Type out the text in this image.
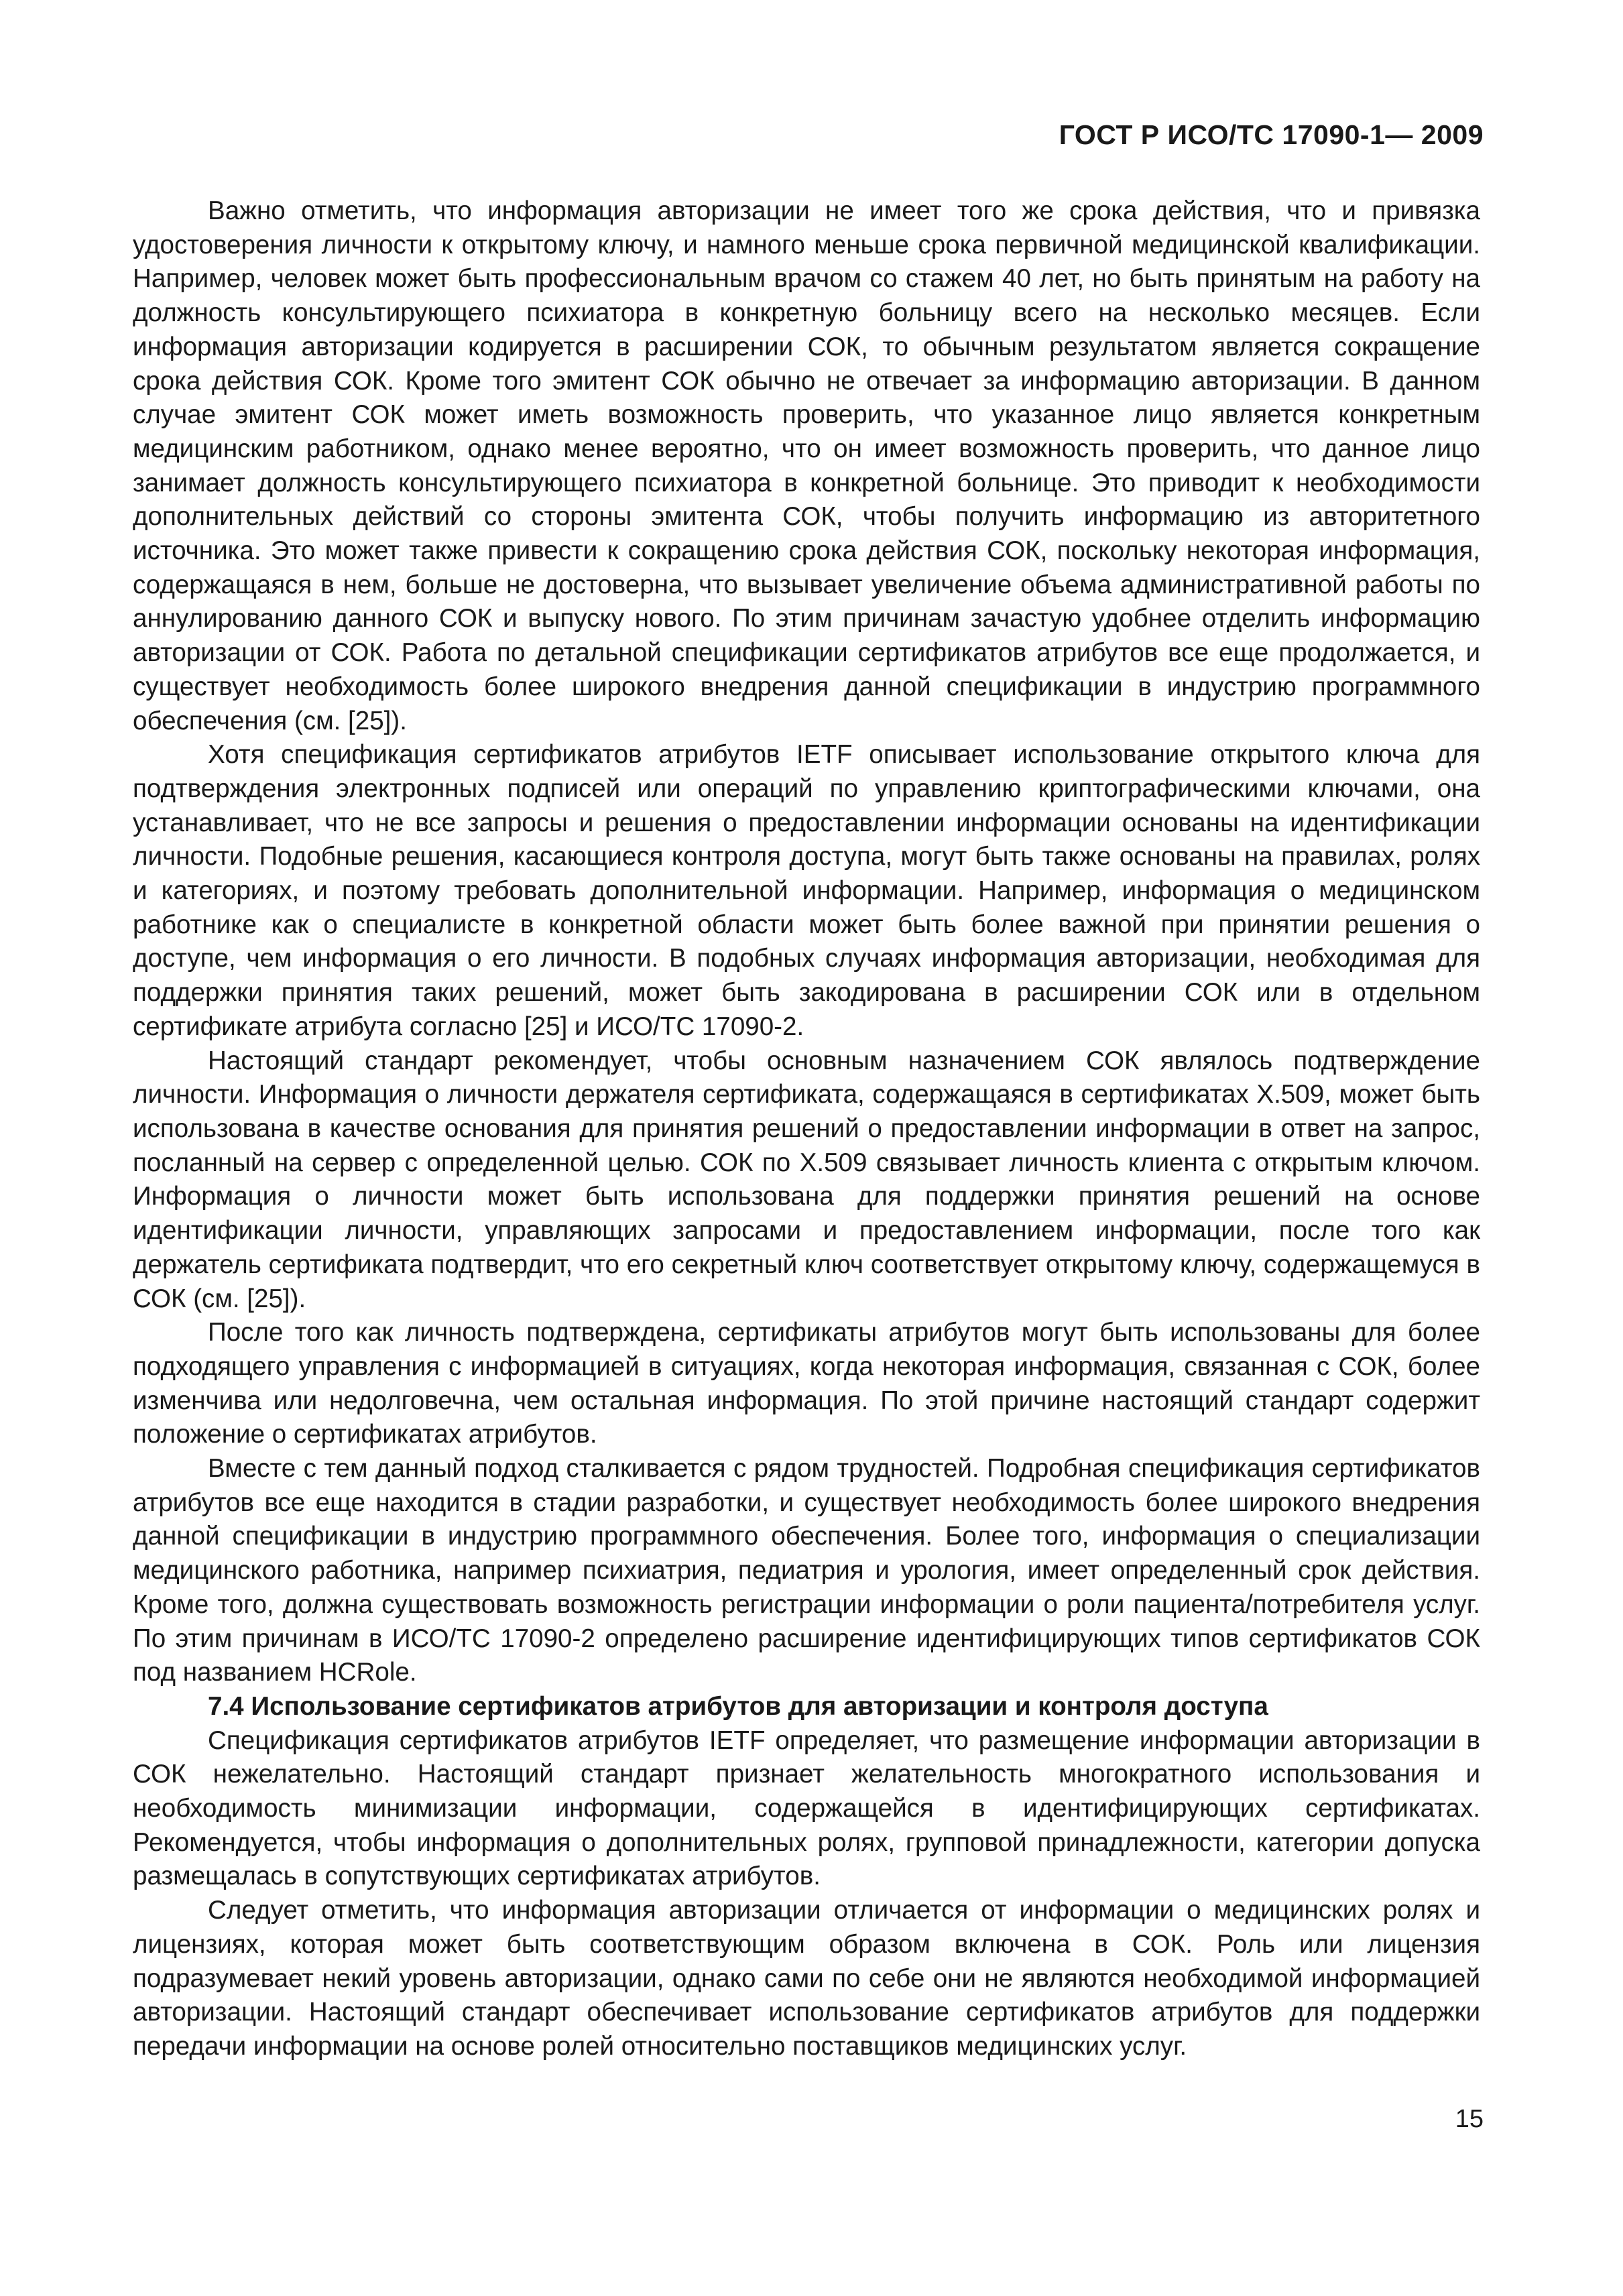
ГОСТ Р ИСО/ТС 17090-1— 2009

Важно отметить, что информация авторизации не имеет того же срока действия, что и привязка удостоверения личности к открытому ключу, и намного меньше срока первичной медицинской квалификации. Например, человек может быть профессиональным врачом со стажем 40 лет, но быть принятым на работу на должность консультирующего психиатора в конкретную больницу всего на несколько месяцев. Если информация авторизации кодируется в расширении СОК, то обычным результатом является сокращение срока действия СОК. Кроме того эмитент СОК обычно не отвечает за информацию авторизации. В данном случае эмитент СОК может иметь возможность проверить, что указанное лицо является конкретным медицинским работником, однако менее вероятно, что он имеет возможность проверить, что данное лицо занимает должность консультирующего психиатора в конкретной больнице. Это приводит к необходимости дополнительных действий со стороны эмитента СОК, чтобы получить информацию из авторитетного источника. Это может также привести к сокращению срока действия СОК, поскольку некоторая информация, содержащаяся в нем, больше не достоверна, что вызывает увеличение объема административной работы по аннулированию данного СОК и выпуску нового. По этим причинам зачастую удобнее отделить информацию авторизации от СОК. Работа по детальной спецификации сертификатов атрибутов все еще продолжается, и существует необходимость более широкого внедрения данной спецификации в индустрию программного обеспечения (см. [25]).

Хотя спецификация сертификатов атрибутов IETF описывает использование открытого ключа для подтверждения электронных подписей или операций по управлению криптографическими ключами, она устанавливает, что не все запросы и решения о предоставлении информации основаны на идентификации личности. Подобные решения, касающиеся контроля доступа, могут быть также основаны на правилах, ролях и категориях, и поэтому требовать дополнительной информации. Например, информация о медицинском работнике как о специалисте в конкретной области может быть более важной при принятии решения о доступе, чем информация о его личности. В подобных случаях информация авторизации, необходимая для поддержки принятия таких решений, может быть закодирована в расширении СОК или в отдельном сертификате атрибута согласно [25] и ИСО/ТС 17090-2.

Настоящий стандарт рекомендует, чтобы основным назначением СОК являлось подтверждение личности. Информация о личности держателя сертификата, содержащаяся в сертификатах X.509, может быть использована в качестве основания для принятия решений о предоставлении информации в ответ на запрос, посланный на сервер с определенной целью. СОК по X.509 связывает личность клиента с открытым ключом. Информация о личности может быть использована для поддержки принятия решений на основе идентификации личности, управляющих запросами и предоставлением информации, после того как держатель сертификата подтвердит, что его секретный ключ соответствует открытому ключу, содержащемуся в СОК (см. [25]).

После того как личность подтверждена, сертификаты атрибутов могут быть использованы для более подходящего управления с информацией в ситуациях, когда некоторая информация, связанная с СОК, более изменчива или недолговечна, чем остальная информация. По этой причине настоящий стандарт содержит положение о сертификатах атрибутов.

Вместе с тем данный подход сталкивается с рядом трудностей. Подробная спецификация сертификатов атрибутов все еще находится в стадии разработки, и существует необходимость более широкого внедрения данной спецификации в индустрию программного обеспечения. Более того, информация о специализации медицинского работника, например психиатрия, педиатрия и урология, имеет определенный срок действия. Кроме того, должна существовать возможность регистрации информации о роли пациента/потребителя услуг. По этим причинам в ИСО/ТС 17090-2 определено расширение идентифицирующих типов сертификатов СОК под названием HCRole.

7.4 Использование сертификатов атрибутов для авторизации и контроля доступа

Спецификация сертификатов атрибутов IETF определяет, что размещение информации авторизации в СОК нежелательно. Настоящий стандарт признает желательность многократного использования и необходимость минимизации информации, содержащейся в идентифицирующих сертификатах. Рекомендуется, чтобы информация о дополнительных ролях, групповой принадлежности, категории допуска размещалась в сопутствующих сертификатах атрибутов.

Следует отметить, что информация авторизации отличается от информации о медицинских ролях и лицензиях, которая может быть соответствующим образом включена в СОК. Роль или лицензия подразумевает некий уровень авторизации, однако сами по себе они не являются необходимой информацией авторизации. Настоящий стандарт обеспечивает использование сертификатов атрибутов для поддержки передачи информации на основе ролей относительно поставщиков медицинских услуг.

15
